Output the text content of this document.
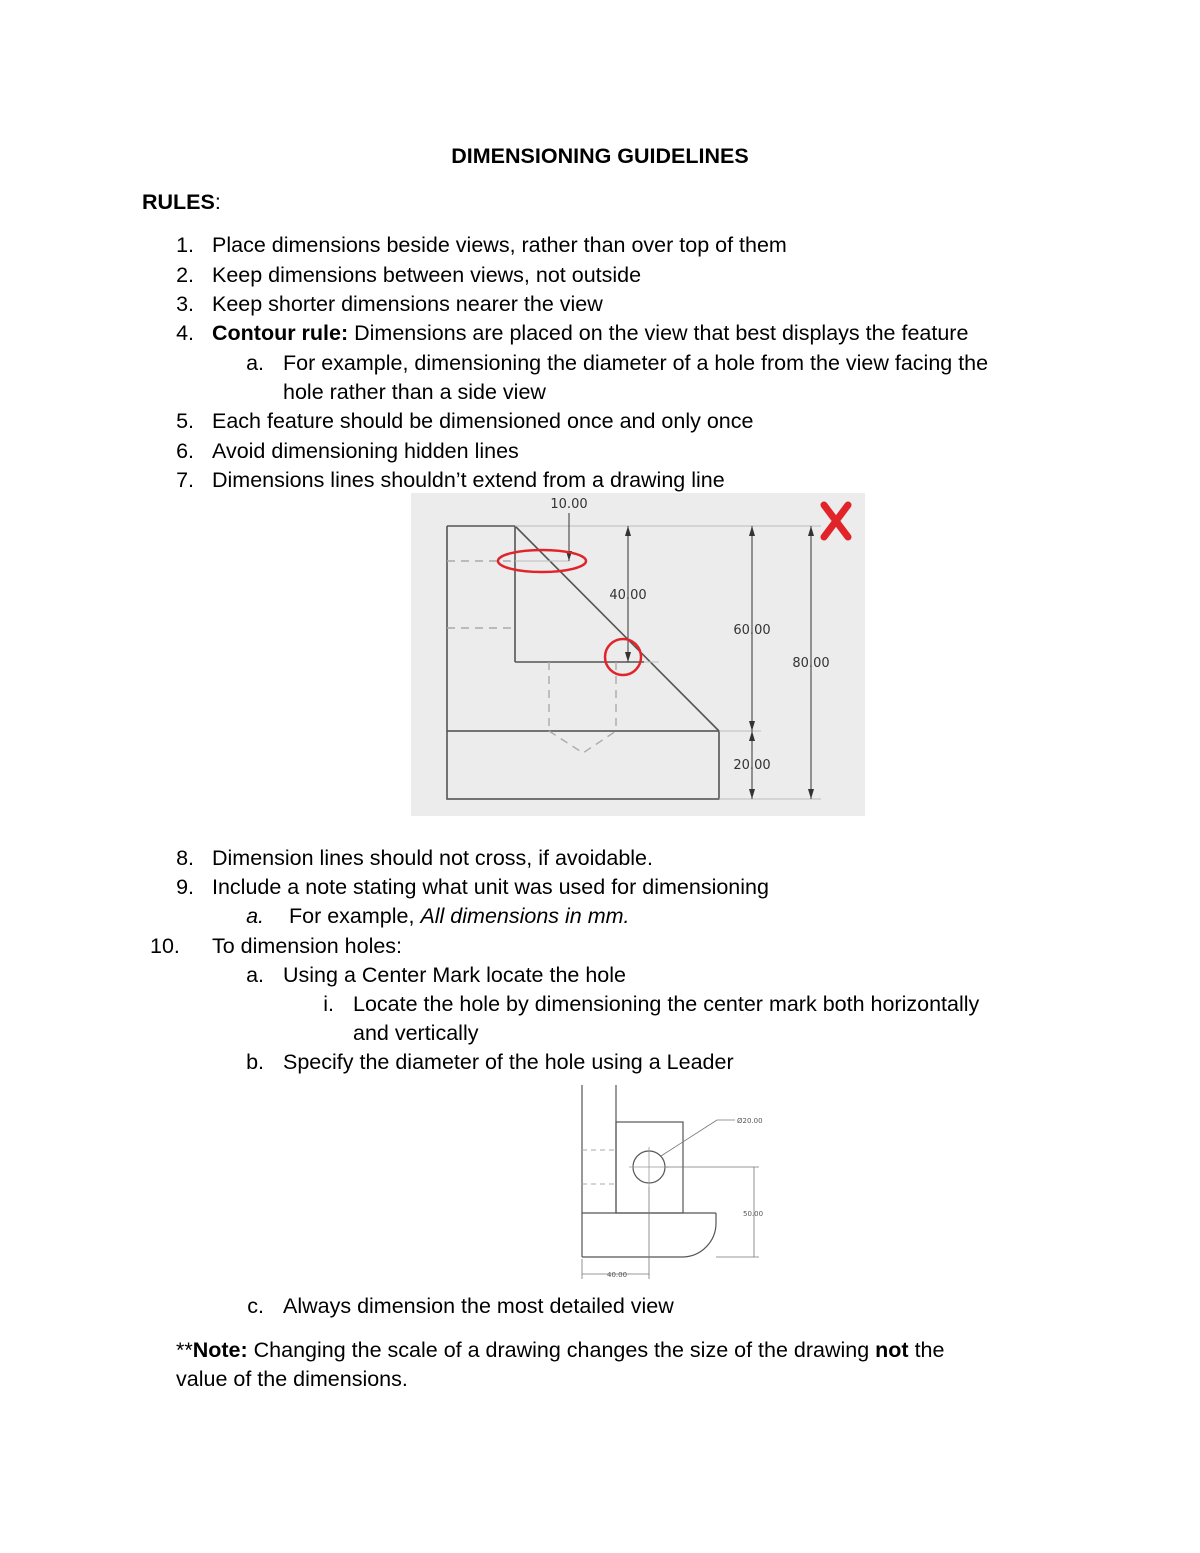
DIMENSIONING GUIDELINES
RULES:
1. Place dimensions beside views, rather than over top of them
2. Keep dimensions between views, not outside
3. Keep shorter dimensions nearer the view
4. Contour rule: Dimensions are placed on the view that best displays the feature
a. For example, dimensioning the diameter of a hole from the view facing the
hole rather than a side view
5. Each feature should be dimensioned once and only once
6. Avoid dimensioning hidden lines
7. Dimensions lines shouldn’t extend from a drawing line
10.00
40.00
60.00
80.00
20.00
8. Dimension lines should not cross, if avoidable.
9. Include a note stating what unit was used for dimensioning
a. For example, All dimensions in mm.
10.	To dimension holes:
a. Using a Center Mark locate the hole
i. Locate the hole by dimensioning the center mark both horizontally
and vertically
b. Specify the diameter of the hole using a Leader
Ø20.00
50.00
40.00
c. Always dimension the most detailed view
**Note: Changing the scale of a drawing changes the size of the drawing not the
value of the dimensions.
